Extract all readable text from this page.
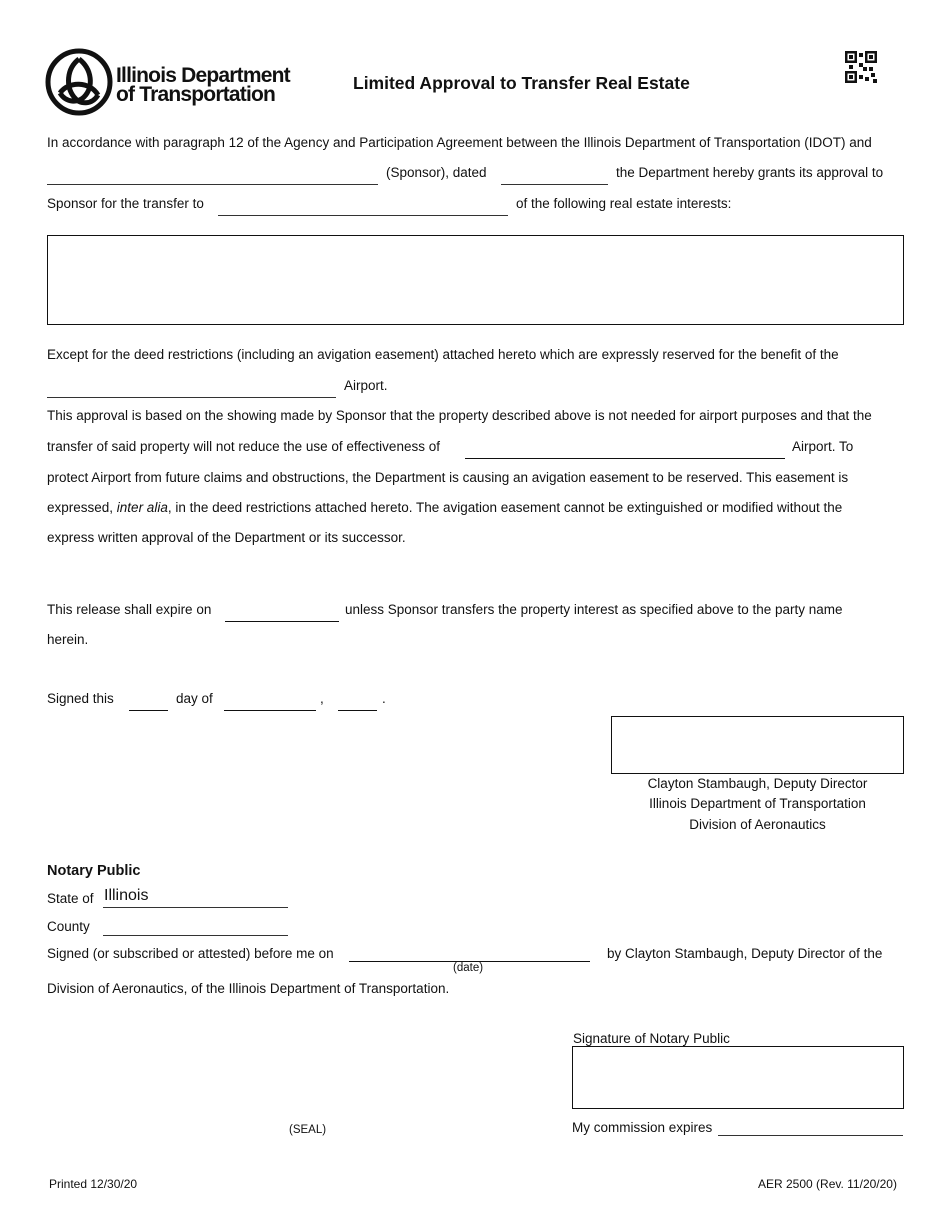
Illinois Department
of Transportation	Limited Approval to Transfer Real Estate
In accordance with paragraph 12 of the Agency and Participation Agreement between the Illinois Department of Transportation (IDOT) and
(Sponsor), dated	the Department hereby grants its approval to
Sponsor for the transfer to	of the following real estate interests:
Except for the deed restrictions (including an avigation easement) attached hereto which are expressly reserved for the benefit of the
Airport.
This approval is based on the showing made by Sponsor that the property described above is not needed for airport purposes and that the
transfer of said property will not reduce the use of effectiveness of	Airport. To
protect Airport from future claims and obstructions, the Department is causing an avigation easement to be reserved. This easement is
expressed, inter alia, in the deed restrictions attached hereto. The avigation easement cannot be extinguished or modified without the
express written approval of the Department or its successor.
This release shall expire on	unless Sponsor transfers the property interest as specified above to the party name
herein.
Signed this	day of	,	.
Clayton Stambaugh, Deputy Director
Illinois Department of Transportation
Division of Aeronautics
Notary Public
State of Illinois
County
Signed (or subscribed or attested) before me on
(date)
by Clayton Stambaugh, Deputy Director of the
Division of Aeronautics, of the Illinois Department of Transportation.
Signature of Notary Public
(SEAL)	My commission expires
Printed 12/30/20	AER 2500 (Rev. 11/20/20)
